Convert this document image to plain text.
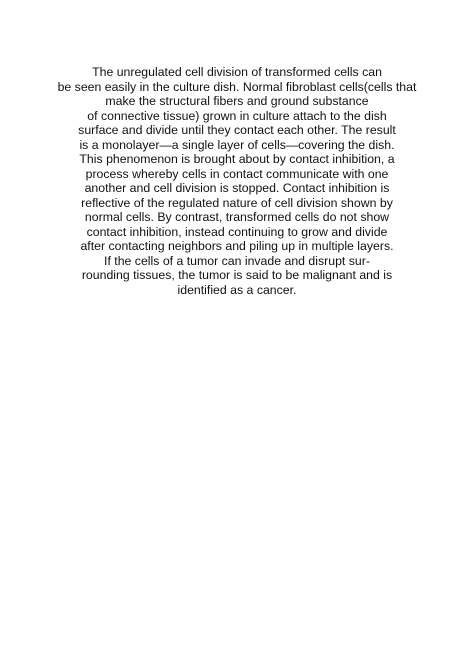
The unregulated cell division of transformed cells can
be seen easily in the culture dish. Normal fibroblast cells(cells that
make the structural fibers and ground substance
of connective tissue) grown in culture attach to the dish
surface and divide until they contact each other. The result
is a monolayer—a single layer of cells—covering the dish.
This phenomenon is brought about by contact inhibition, a
process whereby cells in contact communicate with one
another and cell division is stopped. Contact inhibition is
reflective of the regulated nature of cell division shown by
normal cells. By contrast, transformed cells do not show
contact inhibition, instead continuing to grow and divide
after contacting neighbors and piling up in multiple layers.
If the cells of a tumor can invade and disrupt sur-
rounding tissues, the tumor is said to be malignant and is
identified as a cancer.
